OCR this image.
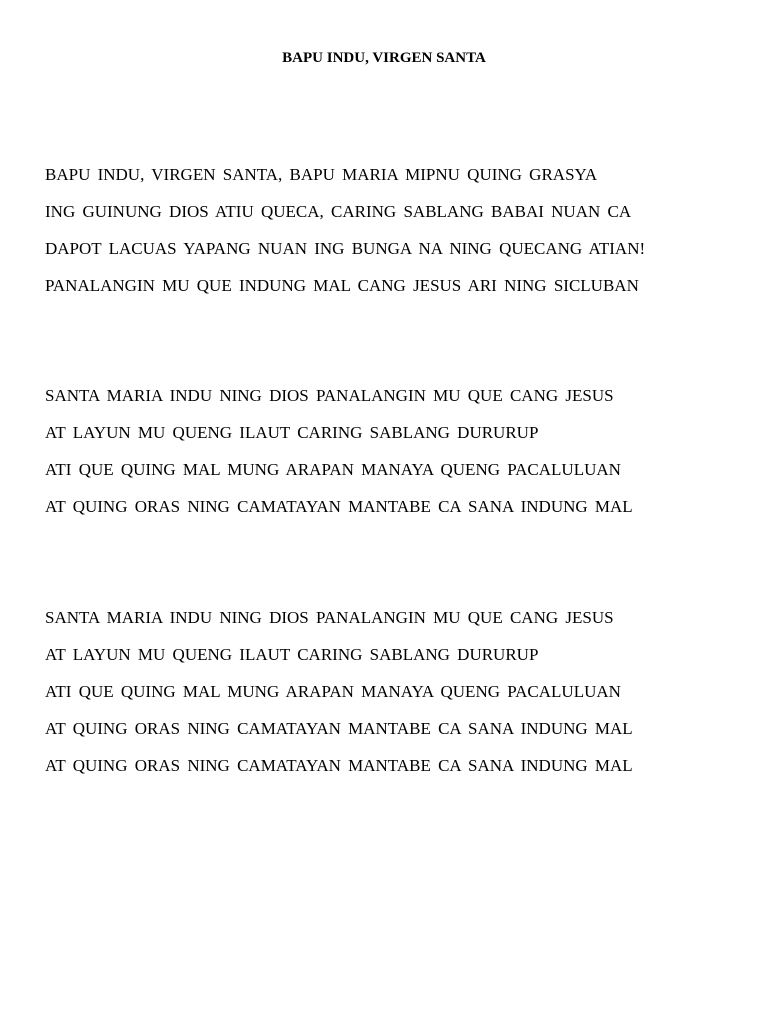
BAPU INDU, VIRGEN SANTA
BAPU INDU, VIRGEN SANTA, BAPU MARIA MIPNU QUING GRASYA
ING GUINUNG DIOS ATIU QUECA, CARING SABLANG BABAI NUAN CA
DAPOT LACUAS YAPANG NUAN ING BUNGA NA NING QUECANG ATIAN!
PANALANGIN MU QUE INDUNG MAL CANG JESUS ARI NING SICLUBAN
SANTA MARIA INDU NING DIOS PANALANGIN MU QUE CANG JESUS
AT LAYUN MU QUENG ILAUT CARING SABLANG DURURUP
ATI QUE QUING MAL MUNG ARAPAN MANAYA QUENG PACALULUAN
AT QUING ORAS NING CAMATAYAN MANTABE CA SANA INDUNG MAL
SANTA MARIA INDU NING DIOS PANALANGIN MU QUE CANG JESUS
AT LAYUN MU QUENG ILAUT CARING SABLANG DURURUP
ATI QUE QUING MAL MUNG ARAPAN MANAYA QUENG PACALULUAN
AT QUING ORAS NING CAMATAYAN MANTABE CA SANA INDUNG MAL
AT QUING ORAS NING CAMATAYAN MANTABE CA SANA INDUNG MAL
